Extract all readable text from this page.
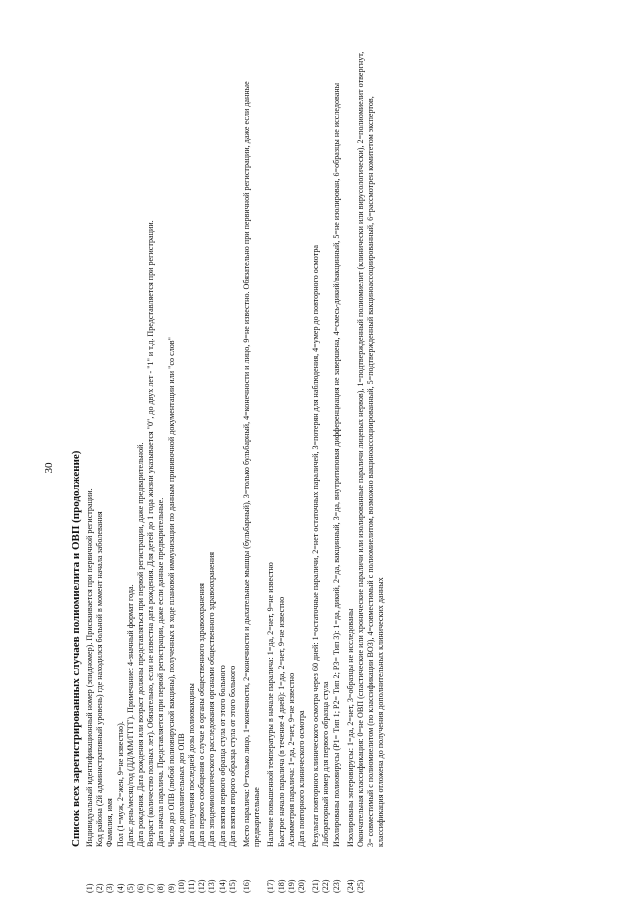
30 Список всех зарегистрированных случаев полиомиелита и ОВП (продолжение)
(1)
Индивидуальный идентификационный номер (эпидномер). Присваивается при первичной регистрации.
(2)
Код района (2й административный уровень) где находился больной в момент начала заболевания
(3)
Фамилия, имя
(4)
Пол (1=муж, 2=жен, 9=не известно).
(5)
Даты: день/месяц/год (ДД/ММ/ГГГГ). Примечание: 4-значный формат года.
(6)
Дата рождения. Дата рождения или возраст должны представляться при первой регистрации, даже предварительной.
(7)
Возраст (количество полных лет). Обязательно, если не известна дата рождения. Для детей до 1 года жизни указывается "0", до двух лет - "1" и т.д. Представляется при регистрации.
(8)
Дата начала паралича. Представляется при первой регистрации, даже если данные предварительные.
(9)
Число доз ОПВ (любой полиовирусной вакцины), полученных в ходе плановой иммунизации по данным прививочной документации или "со слов"
(10)
Число дополнительных доз ОПВ
(11)
Дата получения последней дозы полиовакцины
(12)
Дата первого сообщения о случае в органы общественного здравоохранения
(13)
Дата эпидемиологического расследования органами общественного здравоохранения
(14)
Дата взятия первого образца стула от этого больного
(15)
Дата взятия второго образца стула от этого больного
(16)
Место паралича: 0=только лицо, 1=конечности, 2=конечности и дыхательные мышцы (бульбарный), 3=только бульбарный, 4=конечности и лицо, 9=не известно. Обязательно при первичной регистрации, даже если данные предварительные
(17)
Наличие повышенной температуры в начале паралича: 1=да, 2=нет, 9=не известно
(18)
Быстрое начало паралича (в течение 4 дней): 1=да, 2=нет, 9=не известно
(19)
Асимметрия паралича: 1=да, 2=нет, 9=не известно
(20)
Дата повторного клинического осмотра
(21)
Результат повторного клинического осмотра через 60 дней: 1=остаточные параличи, 2=нет остаточных параличей, 3=потерян для наблюдения, 4=умер до повторного осмотра
(22)
Лабораторный номер для первого образца стула
(23)
Изолированы полиовирусы (Р1= Тип 1; Р2= Тип 2; Р3= Тип 3): 1=да, дикий, 2=да, вакцинный, 3=да, внутритиповая дифференциация не завершена, 4=смесь-дикий/вакцинный, 5=не изолирован, 6=образцы не исследованы
(24)
Изолированы энтеровирусы: 1=да, 2=нет, 3=образцы не исследованы
(25)
Окончательная классификация: 0=не ОВП (спастические или хронические параличи или изолированные параличи лицевых нервов), 1=подтвержденный полиомиелит (клинически или вирусологически), 2=полиомиелит отвергнут, 3= совместимый с полиомиелитом (по классификации ВОЗ), 4=совместимый с полиомиелитом, возможно вакциноассоциированный, 5=подтвержденный вакциноассоциированный, 6=рассмотрен комитетом экспертов, классификация отложена до получения дополнительных клинических данных
